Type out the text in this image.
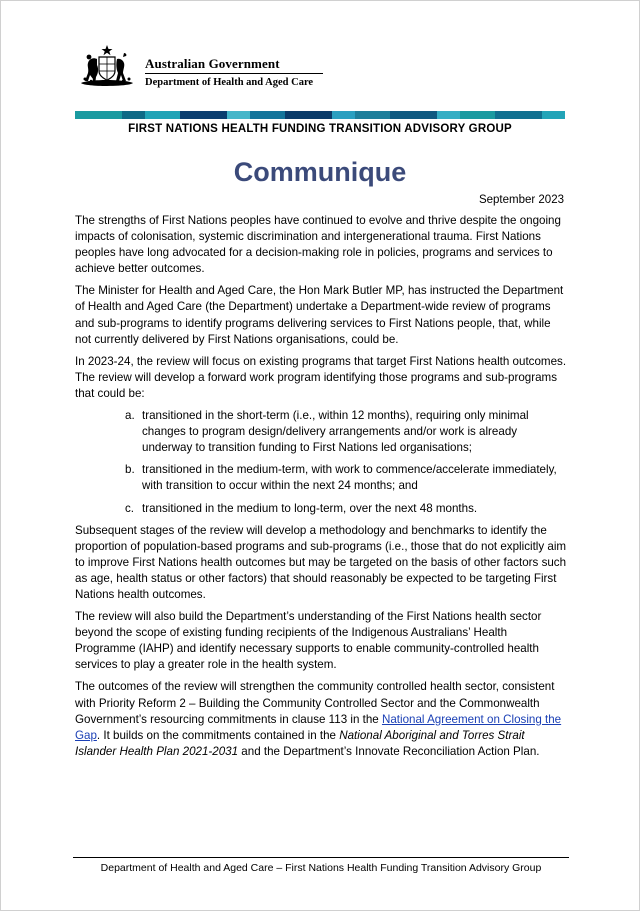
Australian Government
Department of Health and Aged Care
FIRST NATIONS HEALTH FUNDING TRANSITION ADVISORY GROUP
Communique
September 2023

The strengths of First Nations peoples have continued to evolve and thrive despite the ongoing impacts of colonisation, systemic discrimination and intergenerational trauma. First Nations peoples have long advocated for a decision-making role in policies, programs and services to achieve better outcomes.

The Minister for Health and Aged Care, the Hon Mark Butler MP, has instructed the Department of Health and Aged Care (the Department) undertake a Department-wide review of programs and sub-programs to identify programs delivering services to First Nations people, that, while not currently delivered by First Nations organisations, could be.

In 2023-24, the review will focus on existing programs that target First Nations health outcomes. The review will develop a forward work program identifying those programs and sub-programs that could be:

a. transitioned in the short-term (i.e., within 12 months), requiring only minimal changes to program design/delivery arrangements and/or work is already underway to transition funding to First Nations led organisations;
b. transitioned in the medium-term, with work to commence/accelerate immediately, with transition to occur within the next 24 months; and
c. transitioned in the medium to long-term, over the next 48 months.

Subsequent stages of the review will develop a methodology and benchmarks to identify the proportion of population-based programs and sub-programs (i.e., those that do not explicitly aim to improve First Nations health outcomes but may be targeted on the basis of other factors such as age, health status or other factors) that should reasonably be expected to be targeting First Nations health outcomes.

The review will also build the Department’s understanding of the First Nations health sector beyond the scope of existing funding recipients of the Indigenous Australians’ Health Programme (IAHP) and identify necessary supports to enable community-controlled health services to play a greater role in the health system.

The outcomes of the review will strengthen the community controlled health sector, consistent with Priority Reform 2 – Building the Community Controlled Sector and the Commonwealth Government’s resourcing commitments in clause 113 in the National Agreement on Closing the Gap. It builds on the commitments contained in the National Aboriginal and Torres Strait Islander Health Plan 2021-2031 and the Department’s Innovate Reconciliation Action Plan.

Department of Health and Aged Care – First Nations Health Funding Transition Advisory Group
